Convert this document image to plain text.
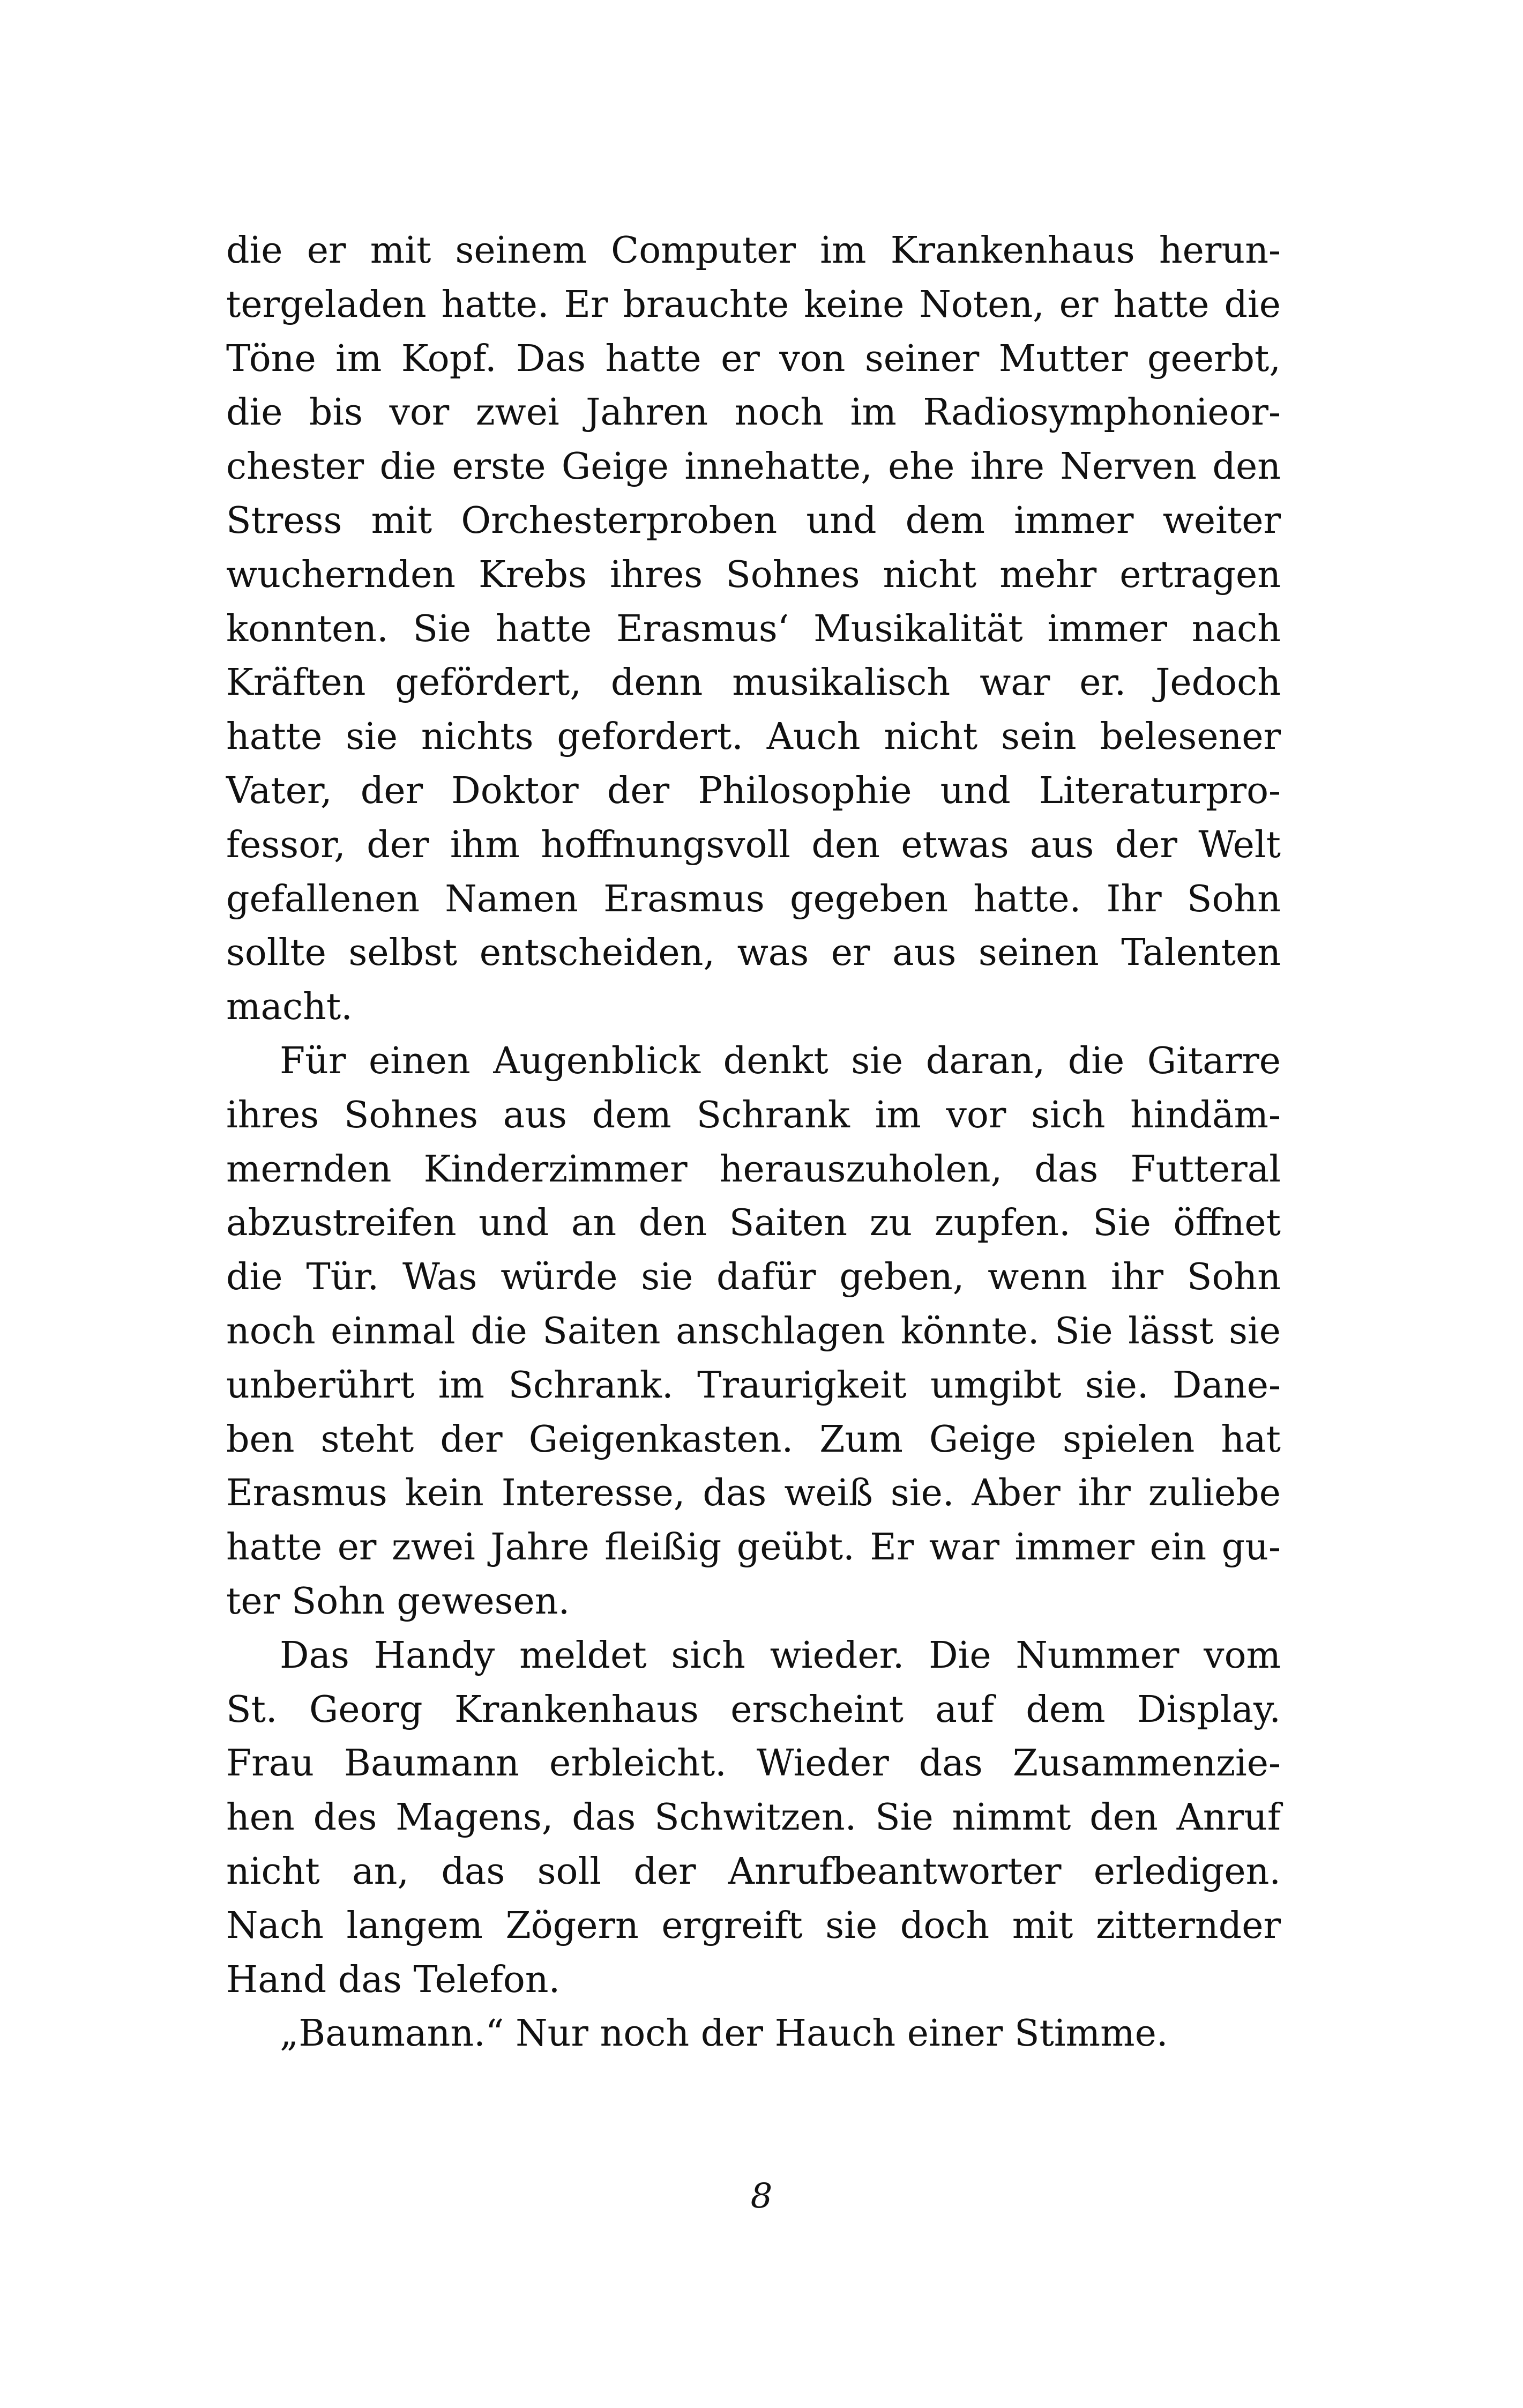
die er mit seinem Computer im Krankenhaus herun-
tergeladen hatte. Er brauchte keine Noten, er hatte die
Töne im Kopf. Das hatte er von seiner Mutter geerbt,
die bis vor zwei Jahren noch im Radiosymphonieor-
chester die erste Geige innehatte, ehe ihre Nerven den
Stress mit Orchesterproben und dem immer weiter
wuchernden Krebs ihres Sohnes nicht mehr ertragen
konnten. Sie hatte Erasmus‘ Musikalität immer nach
Kräften gefördert, denn musikalisch war er. Jedoch
hatte sie nichts gefordert. Auch nicht sein belesener
Vater, der Doktor der Philosophie und Literaturpro-
fessor, der ihm hoffnungsvoll den etwas aus der Welt
gefallenen Namen Erasmus gegeben hatte. Ihr Sohn
sollte selbst entscheiden, was er aus seinen Talenten
macht.
Für einen Augenblick denkt sie daran, die Gitarre
ihres Sohnes aus dem Schrank im vor sich hindäm-
mernden Kinderzimmer herauszuholen, das Futteral
abzustreifen und an den Saiten zu zupfen. Sie öffnet
die Tür. Was würde sie dafür geben, wenn ihr Sohn
noch einmal die Saiten anschlagen könnte. Sie lässt sie
unberührt im Schrank. Traurigkeit umgibt sie. Dane-
ben steht der Geigenkasten. Zum Geige spielen hat
Erasmus kein Interesse, das weiß sie. Aber ihr zuliebe
hatte er zwei Jahre fleißig geübt. Er war immer ein gu-
ter Sohn gewesen.
Das Handy meldet sich wieder. Die Nummer vom
St. Georg Krankenhaus erscheint auf dem Display.
Frau Baumann erbleicht. Wieder das Zusammenzie-
hen des Magens, das Schwitzen. Sie nimmt den Anruf
nicht an, das soll der Anrufbeantworter erledigen.
Nach langem Zögern ergreift sie doch mit zitternder
Hand das Telefon.
„Baumann.“ Nur noch der Hauch einer Stimme.
8
